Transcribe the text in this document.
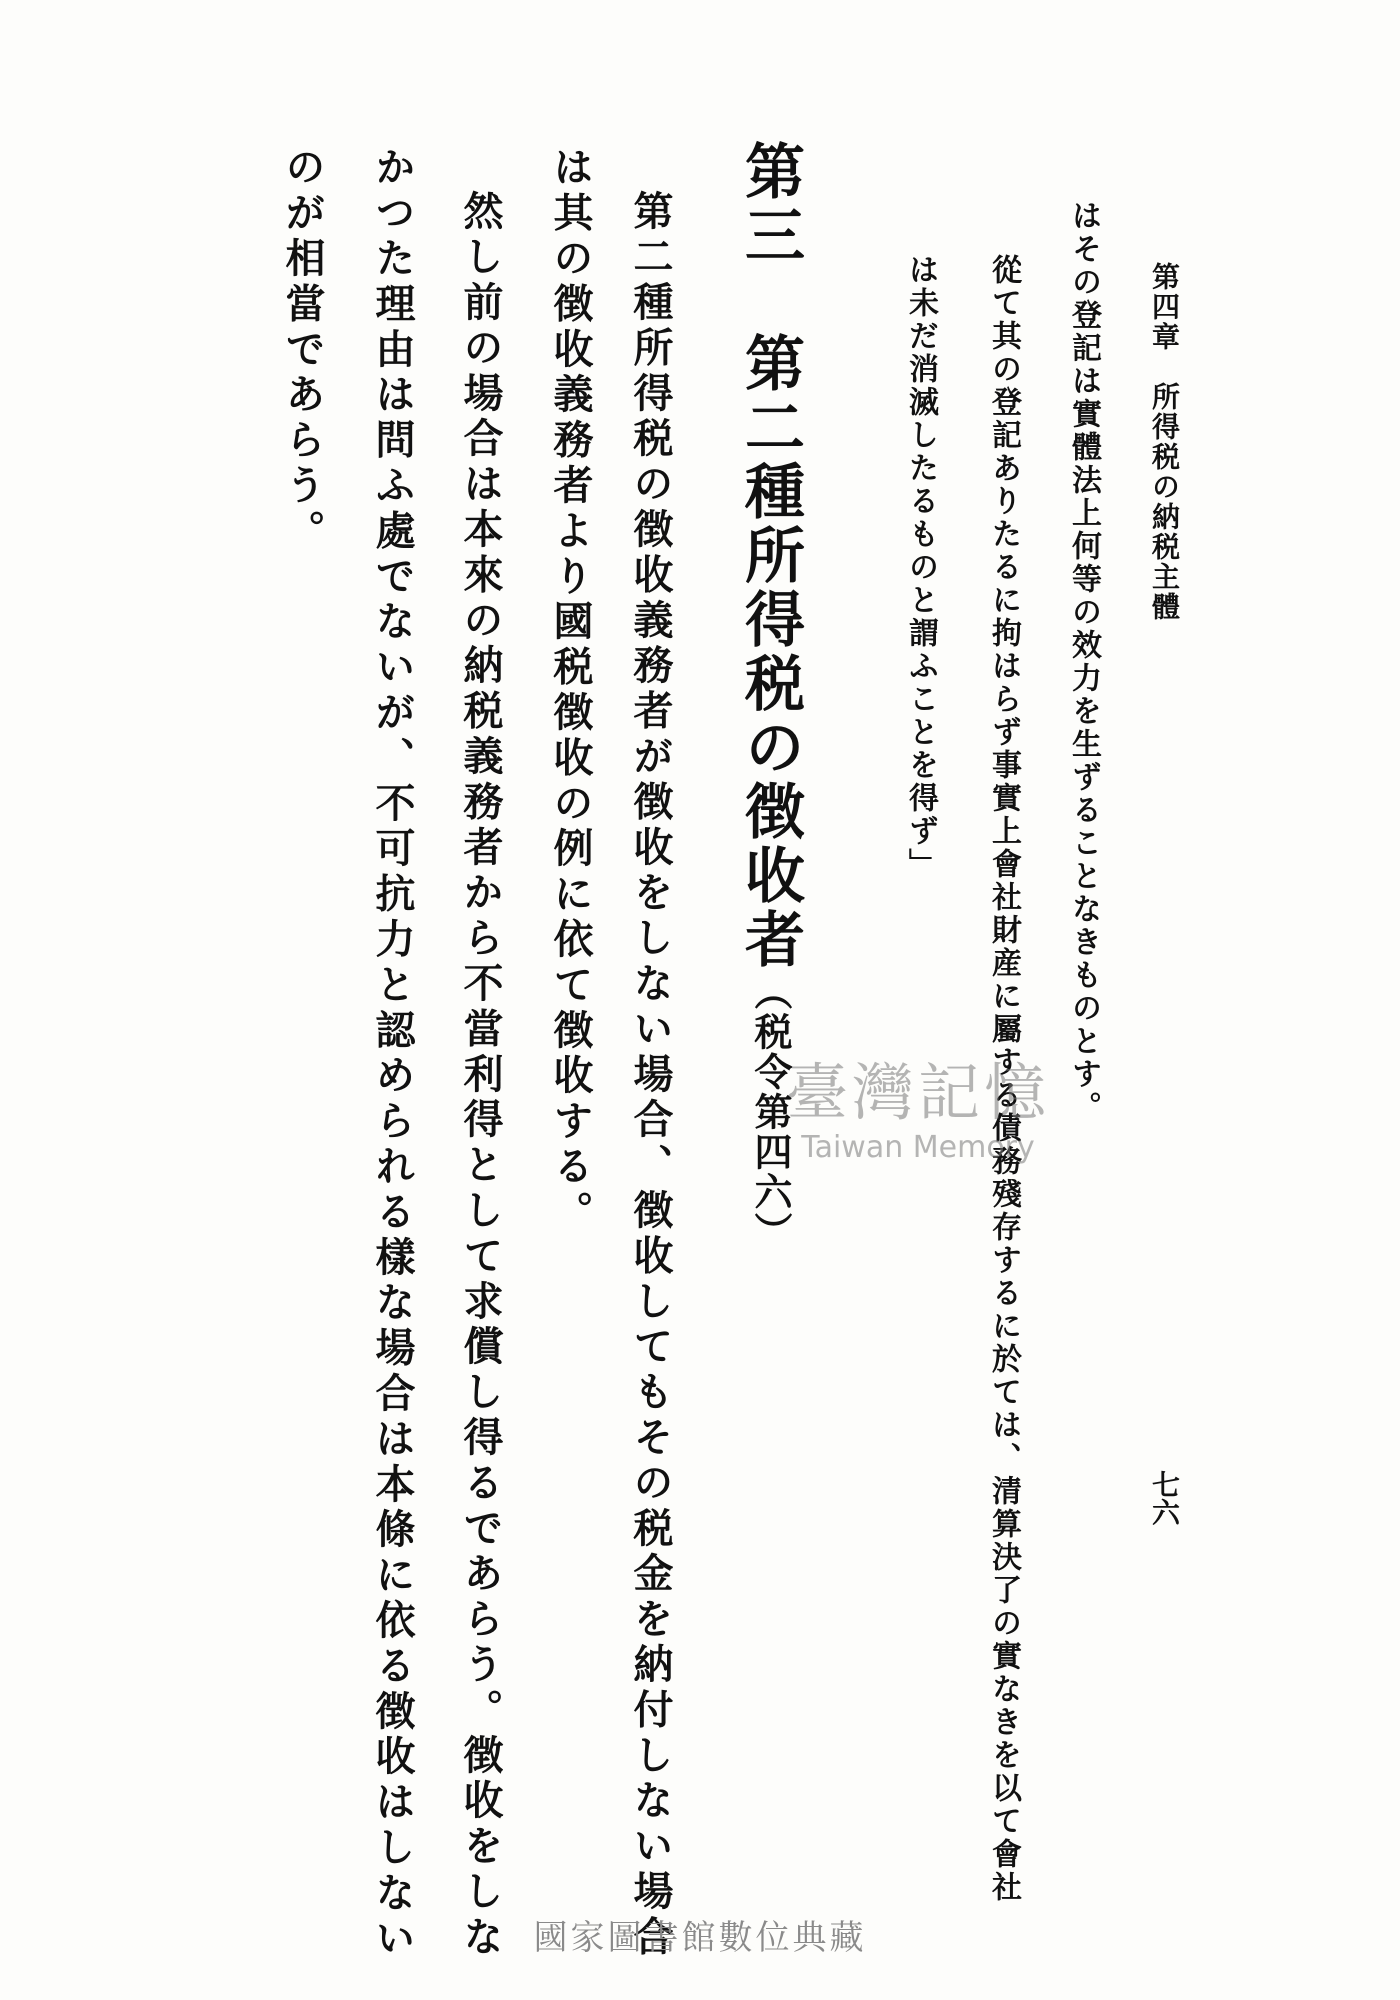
第四章　所得税の納税主體
七六
はその登記は實體法上何等の效力を生ずることなきものとす。
從て其の登記ありたるに拘はらず事實上會社財産に屬する債務殘存するに於ては、清算決了の實なきを以て會社
は未だ消滅したるものと謂ふことを得ず」
第三　第二種所得税の徴收者（税令第四六）
第二種所得税の徴收義務者が徴收をしない場合、徴收してもその税金を納付しない場合
は其の徴收義務者より國税徴收の例に依て徴收する。
然し前の場合は本來の納税義務者から不當利得として求償し得るであらう。徴收をしな
かつた理由は問ふ處でないが、不可抗力と認められる樣な場合は本條に依る徴收はしない
のが相當であらう。
臺灣記憶
Taiwan Memory
國家圖書館數位典藏
